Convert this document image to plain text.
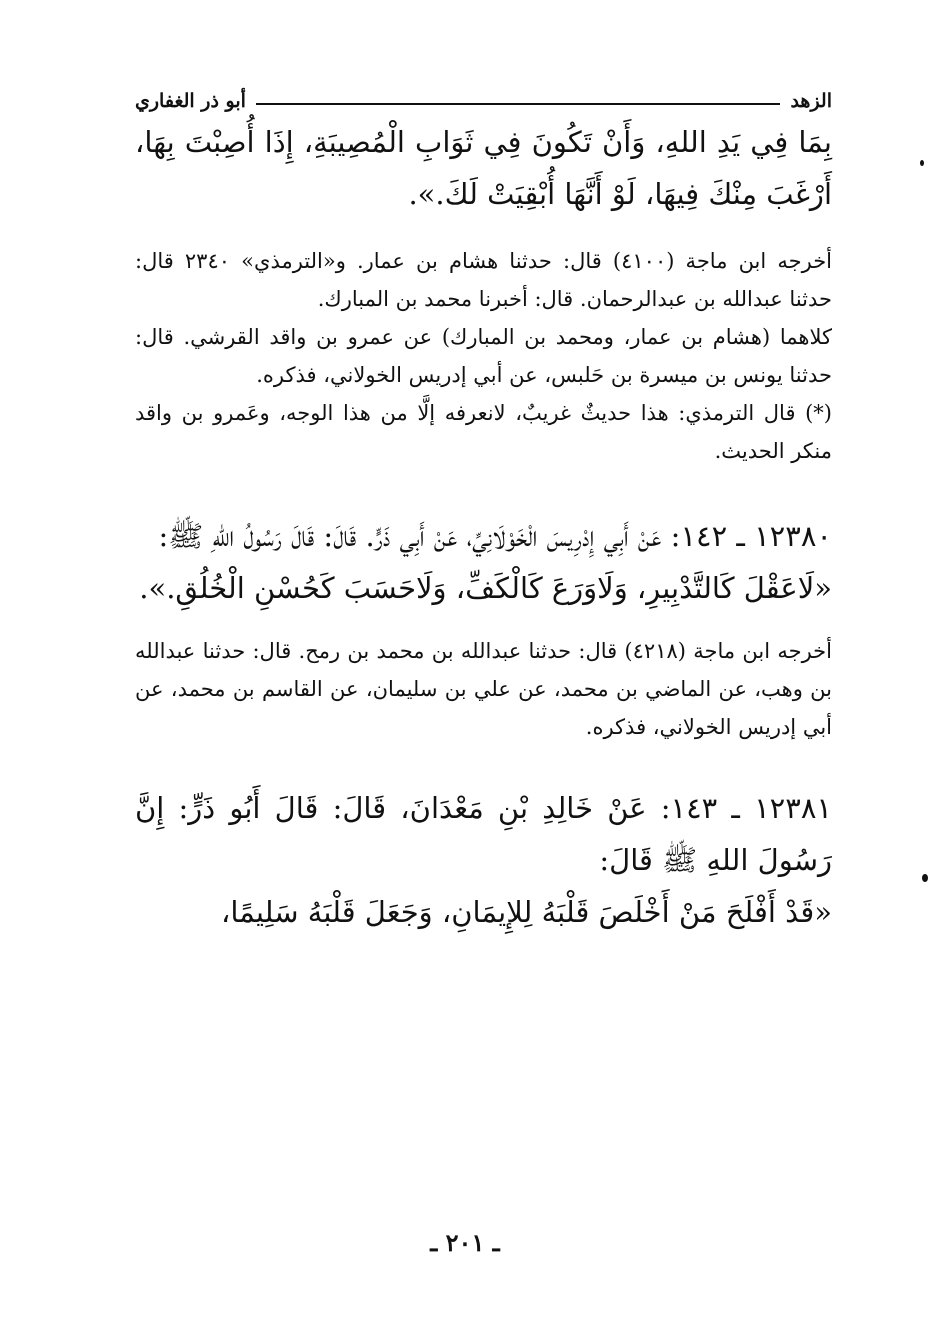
الزهد
أبو ذر الغفاري

بِمَا فِي يَدِ اللهِ، وَأَنْ تَكُونَ فِي ثَوَابِ الْمُصِيبَةِ، إِذَا أُصِبْتَ بِهَا، أَرْغَبَ مِنْكَ فِيهَا، لَوْ أَنَّهَا أُبْقِيَتْ لَكَ.».

أخرجه ابن ماجة (٤١٠٠) قال: حدثنا هشام بن عمار. و«الترمذي» ٢٣٤٠ قال: حدثنا عبدالله بن عبدالرحمان. قال: أخبرنا محمد بن المبارك.

كلاهما (هشام بن عمار، ومحمد بن المبارك) عن عمرو بن واقد القرشي. قال: حدثنا يونس بن ميسرة بن حَلبس، عن أبي إدريس الخولاني، فذكره.

(*) قال الترمذي: هذا حديثٌ غريبٌ، لانعرفه إلَّا من هذا الوجه، وعَمرو بن واقد منكر الحديث.

١٢٣٨٠ ـ ١٤٢: عَنْ أَبِي إِدْرِيسَ الْخَوْلَانِيِّ، عَنْ أَبِي ذَرٍّ. قَالَ: قَالَ رَسُولُ اللهِ ﷺ:

«لَاعَقْلَ كَالتَّدْبِيرِ، وَلَاوَرَعَ كَالْكَفِّ، وَلَاحَسَبَ كَحُسْنِ الْخُلُقِ.».

أخرجه ابن ماجة (٤٢١٨) قال: حدثنا عبدالله بن محمد بن رمح. قال: حدثنا عبدالله بن وهب، عن الماضي بن محمد، عن علي بن سليمان، عن القاسم بن محمد، عن أبي إدريس الخولاني، فذكره.

١٢٣٨١ ـ ١٤٣: عَنْ خَالِدِ بْنِ مَعْدَانَ، قَالَ: قَالَ أَبُو ذَرٍّ: إِنَّ رَسُولَ اللهِ ﷺ قَالَ:

«قَدْ أَفْلَحَ مَنْ أَخْلَصَ قَلْبَهُ لِلإِيمَانِ، وَجَعَلَ قَلْبَهُ سَلِيمًا،

ـ ٢٠١ ـ
